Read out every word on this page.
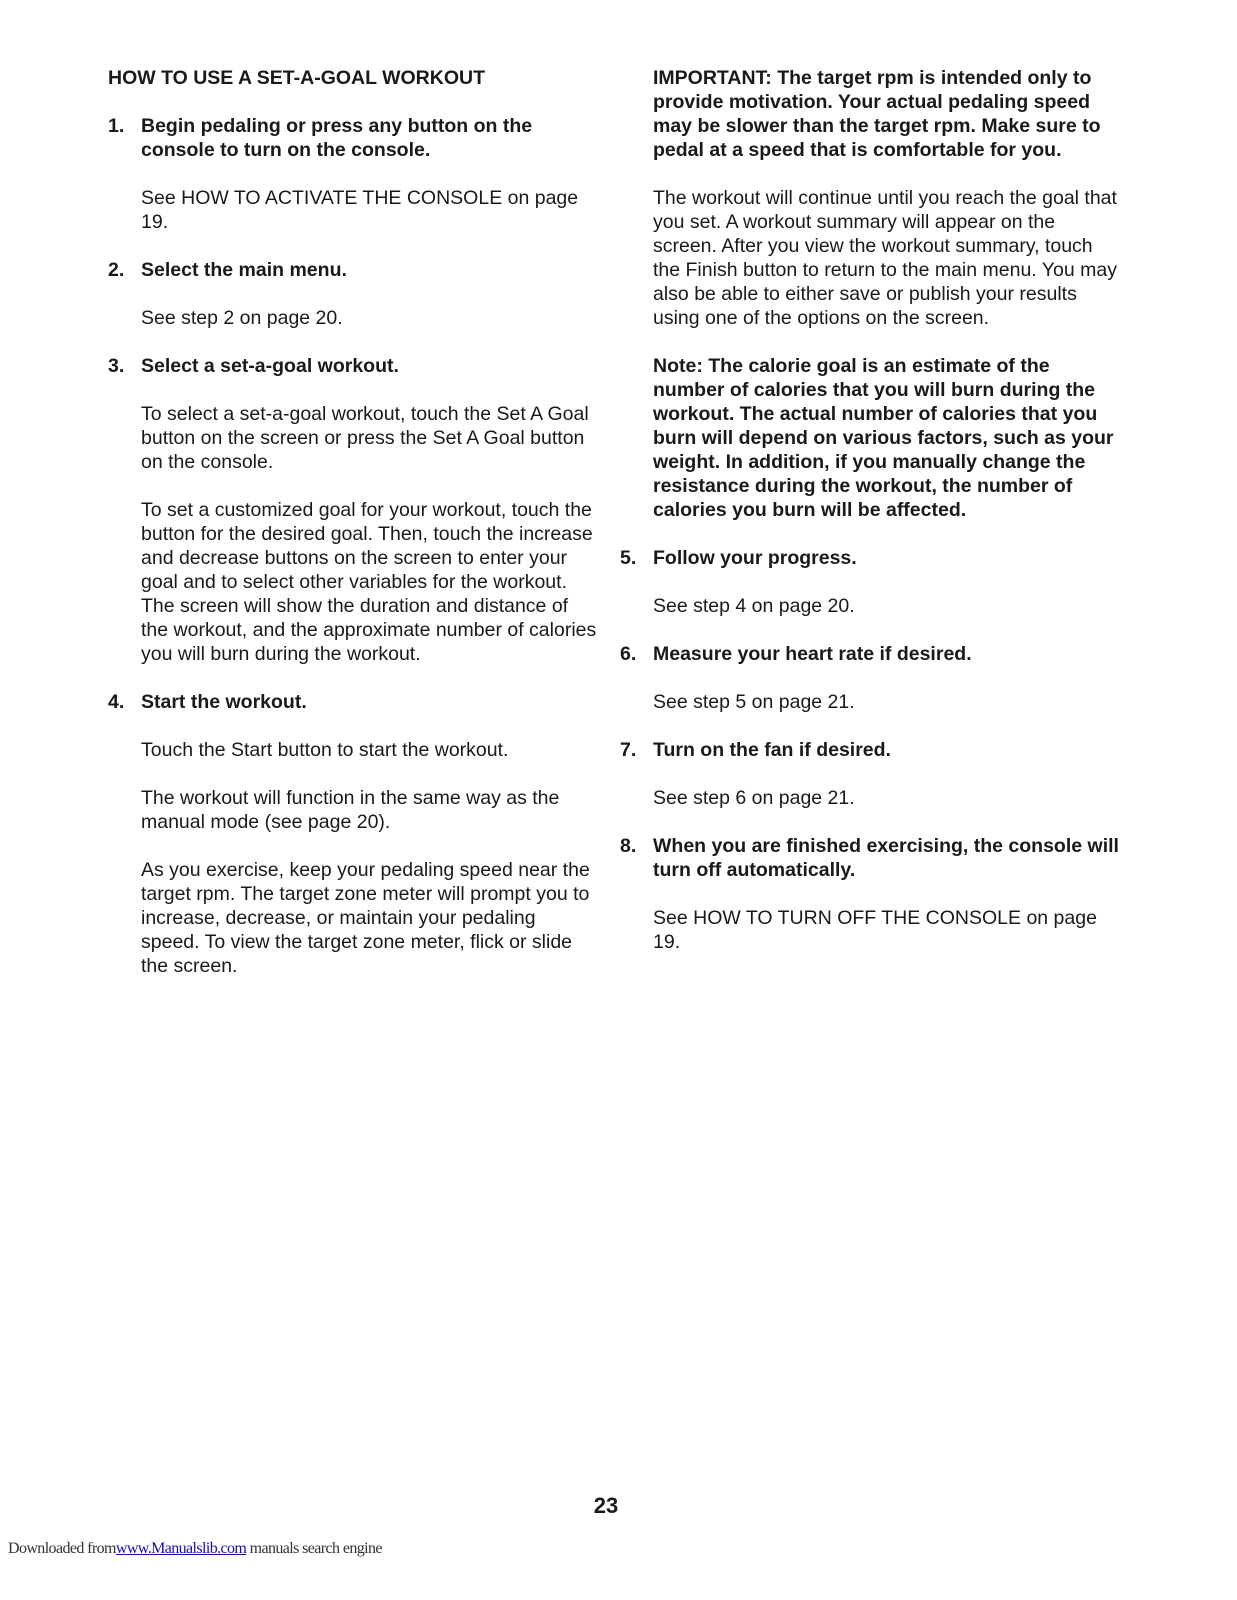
HOW TO USE A SET-A-GOAL WORKOUT
1. Begin pedaling or press any button on the console to turn on the console.
See HOW TO ACTIVATE THE CONSOLE on page 19.
2. Select the main menu.
See step 2 on page 20.
3. Select a set-a-goal workout.
To select a set-a-goal workout, touch the Set A Goal button on the screen or press the Set A Goal button on the console.
To set a customized goal for your workout, touch the button for the desired goal. Then, touch the increase and decrease buttons on the screen to enter your goal and to select other variables for the workout. The screen will show the duration and distance of the workout, and the approximate number of calories you will burn during the workout.
4. Start the workout.
Touch the Start button to start the workout.
The workout will function in the same way as the manual mode (see page 20).
As you exercise, keep your pedaling speed near the target rpm. The target zone meter will prompt you to increase, decrease, or maintain your pedaling speed. To view the target zone meter, flick or slide the screen.
IMPORTANT: The target rpm is intended only to provide motivation. Your actual pedaling speed may be slower than the target rpm. Make sure to pedal at a speed that is comfortable for you.
The workout will continue until you reach the goal that you set. A workout summary will appear on the screen. After you view the workout summary, touch the Finish button to return to the main menu. You may also be able to either save or publish your results using one of the options on the screen.
Note: The calorie goal is an estimate of the number of calories that you will burn during the workout. The actual number of calories that you burn will depend on various factors, such as your weight. In addition, if you manually change the resistance during the workout, the number of calories you burn will be affected.
5. Follow your progress.
See step 4 on page 20.
6. Measure your heart rate if desired.
See step 5 on page 21.
7. Turn on the fan if desired.
See step 6 on page 21.
8. When you are finished exercising, the console will turn off automatically.
See HOW TO TURN OFF THE CONSOLE on page 19.
23
Downloaded fromwww.Manualslib.com manuals search engine
